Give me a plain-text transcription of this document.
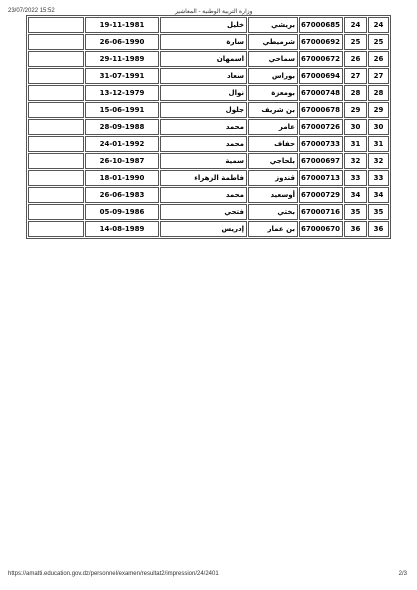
23/07/2022 15:52	وزارة التربية الوطنية - المعاشير
24	24	67000685	بريشي	خليل	19-11-1981	
25	25	67000692	شرميطي	سارة	26-06-1990	
26	26	67000672	سماحي	اسمهان	29-11-1989	
27	27	67000694	بوراس	سعاد	31-07-1991	
28	28	67000748	بومعزة	نوال	13-12-1979	
29	29	67000678	بن شريف	جلول	15-06-1991	
30	30	67000726	عامر	محمد	28-09-1988	
31	31	67000733	حفاف	محمد	24-01-1992	
32	32	67000697	بلحاجي	سمية	26-10-1987	
33	33	67000713	قندوز	فاطمة الزهراء	18-01-1990	
34	34	67000729	أوسعيد	محمد	26-06-1983	
35	35	67000716	بختي	فتحي	05-09-1986	
36	36	67000670	بن عمار	إدريس	14-08-1989	
https://amatti.education.gov.dz/personnel/examen/resultat2/impression/24/2401	2/3
